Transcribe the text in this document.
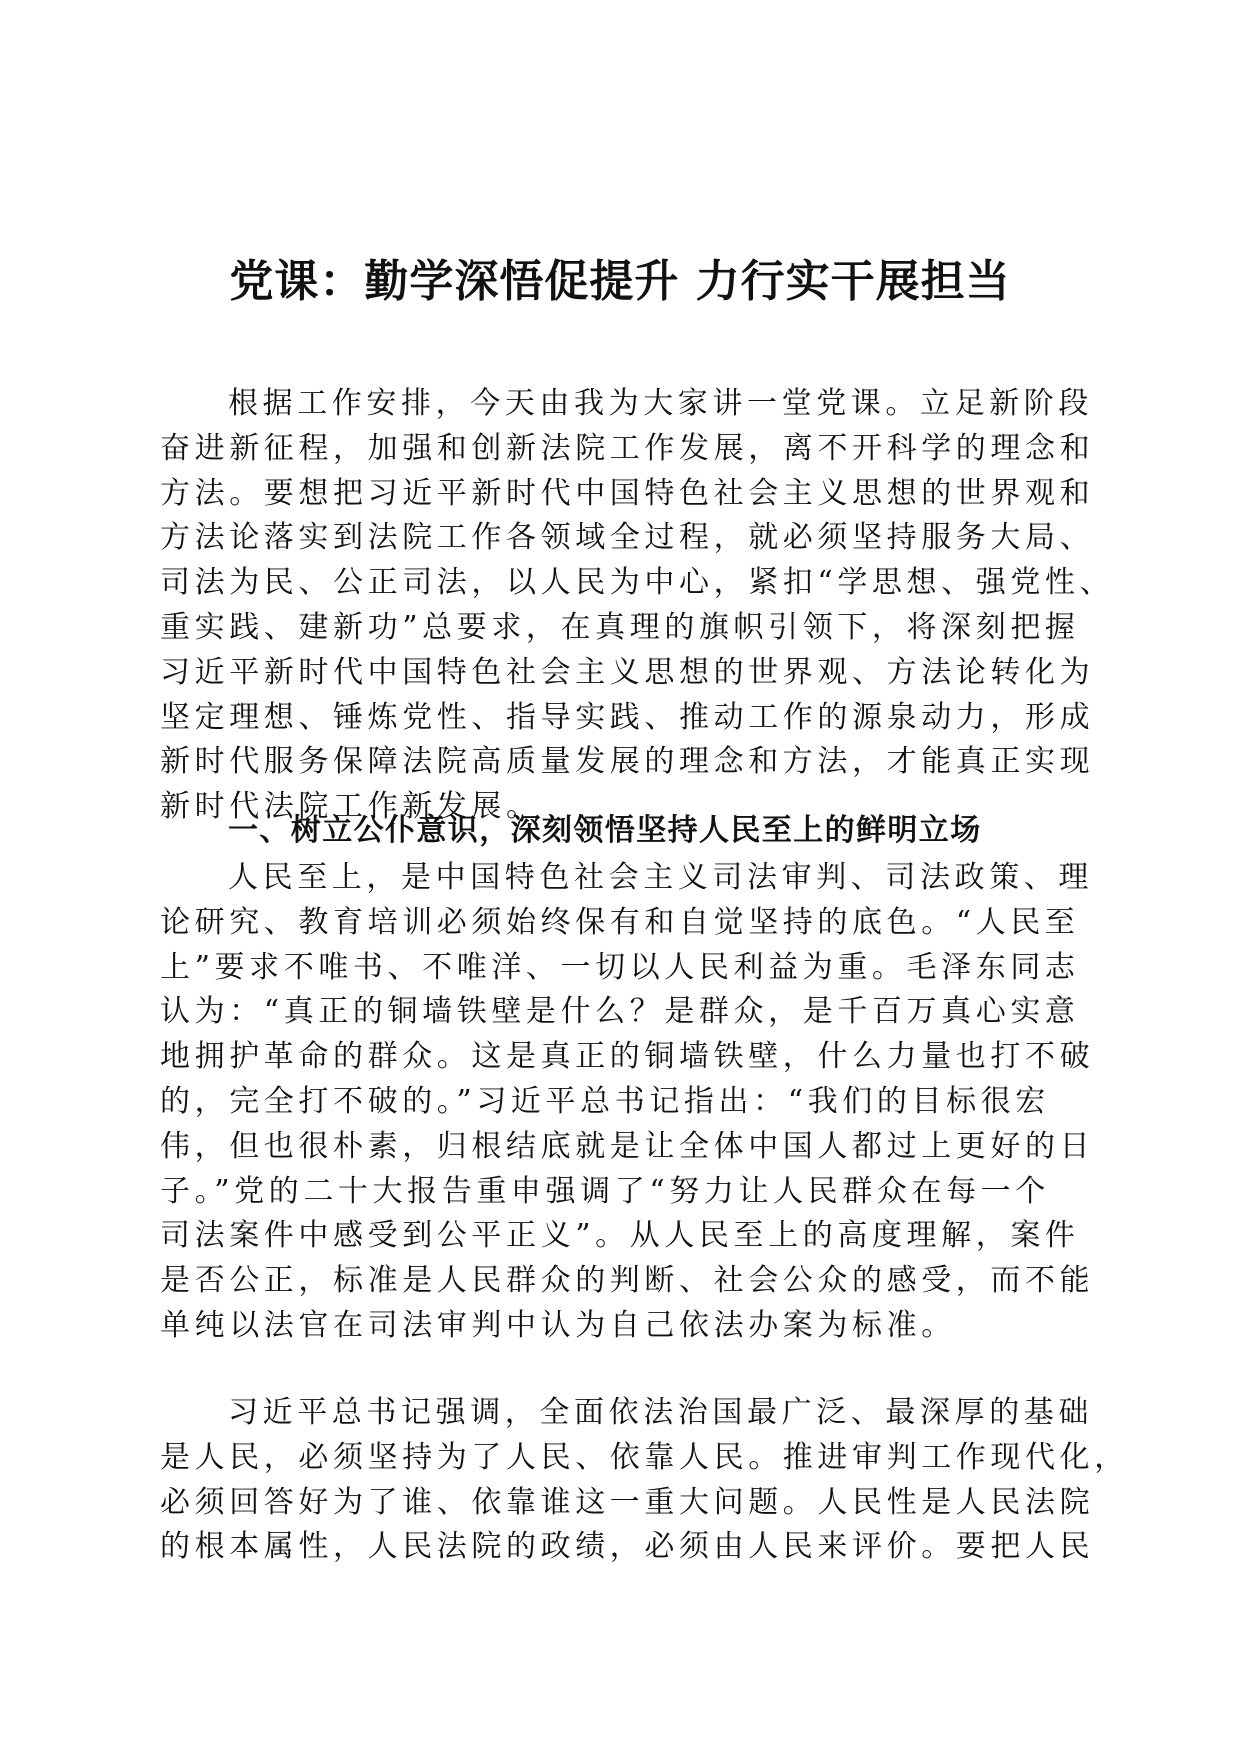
党课：勤学深悟促提升 力行实干展担当
根据工作安排，今天由我为大家讲一堂党课。立足新阶段
奋进新征程，加强和创新法院工作发展，离不开科学的理念和
方法。要想把习近平新时代中国特色社会主义思想的世界观和
方法论落实到法院工作各领域全过程，就必须坚持服务大局、
司法为民、公正司法，以人民为中心，紧扣“学思想、强党性、
重实践、建新功”总要求，在真理的旗帜引领下，将深刻把握
习近平新时代中国特色社会主义思想的世界观、方法论转化为
坚定理想、锤炼党性、指导实践、推动工作的源泉动力，形成
新时代服务保障法院高质量发展的理念和方法，才能真正实现
新时代法院工作新发展。
一、树立公仆意识，深刻领悟坚持人民至上的鲜明立场
人民至上，是中国特色社会主义司法审判、司法政策、理
论研究、教育培训必须始终保有和自觉坚持的底色。“人民至
上”要求不唯书、不唯洋、一切以人民利益为重。毛泽东同志
认为：“真正的铜墙铁壁是什么？是群众，是千百万真心实意
地拥护革命的群众。这是真正的铜墙铁壁，什么力量也打不破
的，完全打不破的。”习近平总书记指出：“我们的目标很宏
伟，但也很朴素，归根结底就是让全体中国人都过上更好的日
子。”党的二十大报告重申强调了“努力让人民群众在每一个
司法案件中感受到公平正义”。从人民至上的高度理解，案件
是否公正，标准是人民群众的判断、社会公众的感受，而不能
单纯以法官在司法审判中认为自己依法办案为标准。
习近平总书记强调，全面依法治国最广泛、最深厚的基础
是人民，必须坚持为了人民、依靠人民。推进审判工作现代化，
必须回答好为了谁、依靠谁这一重大问题。人民性是人民法院
的根本属性，人民法院的政绩，必须由人民来评价。要把人民
